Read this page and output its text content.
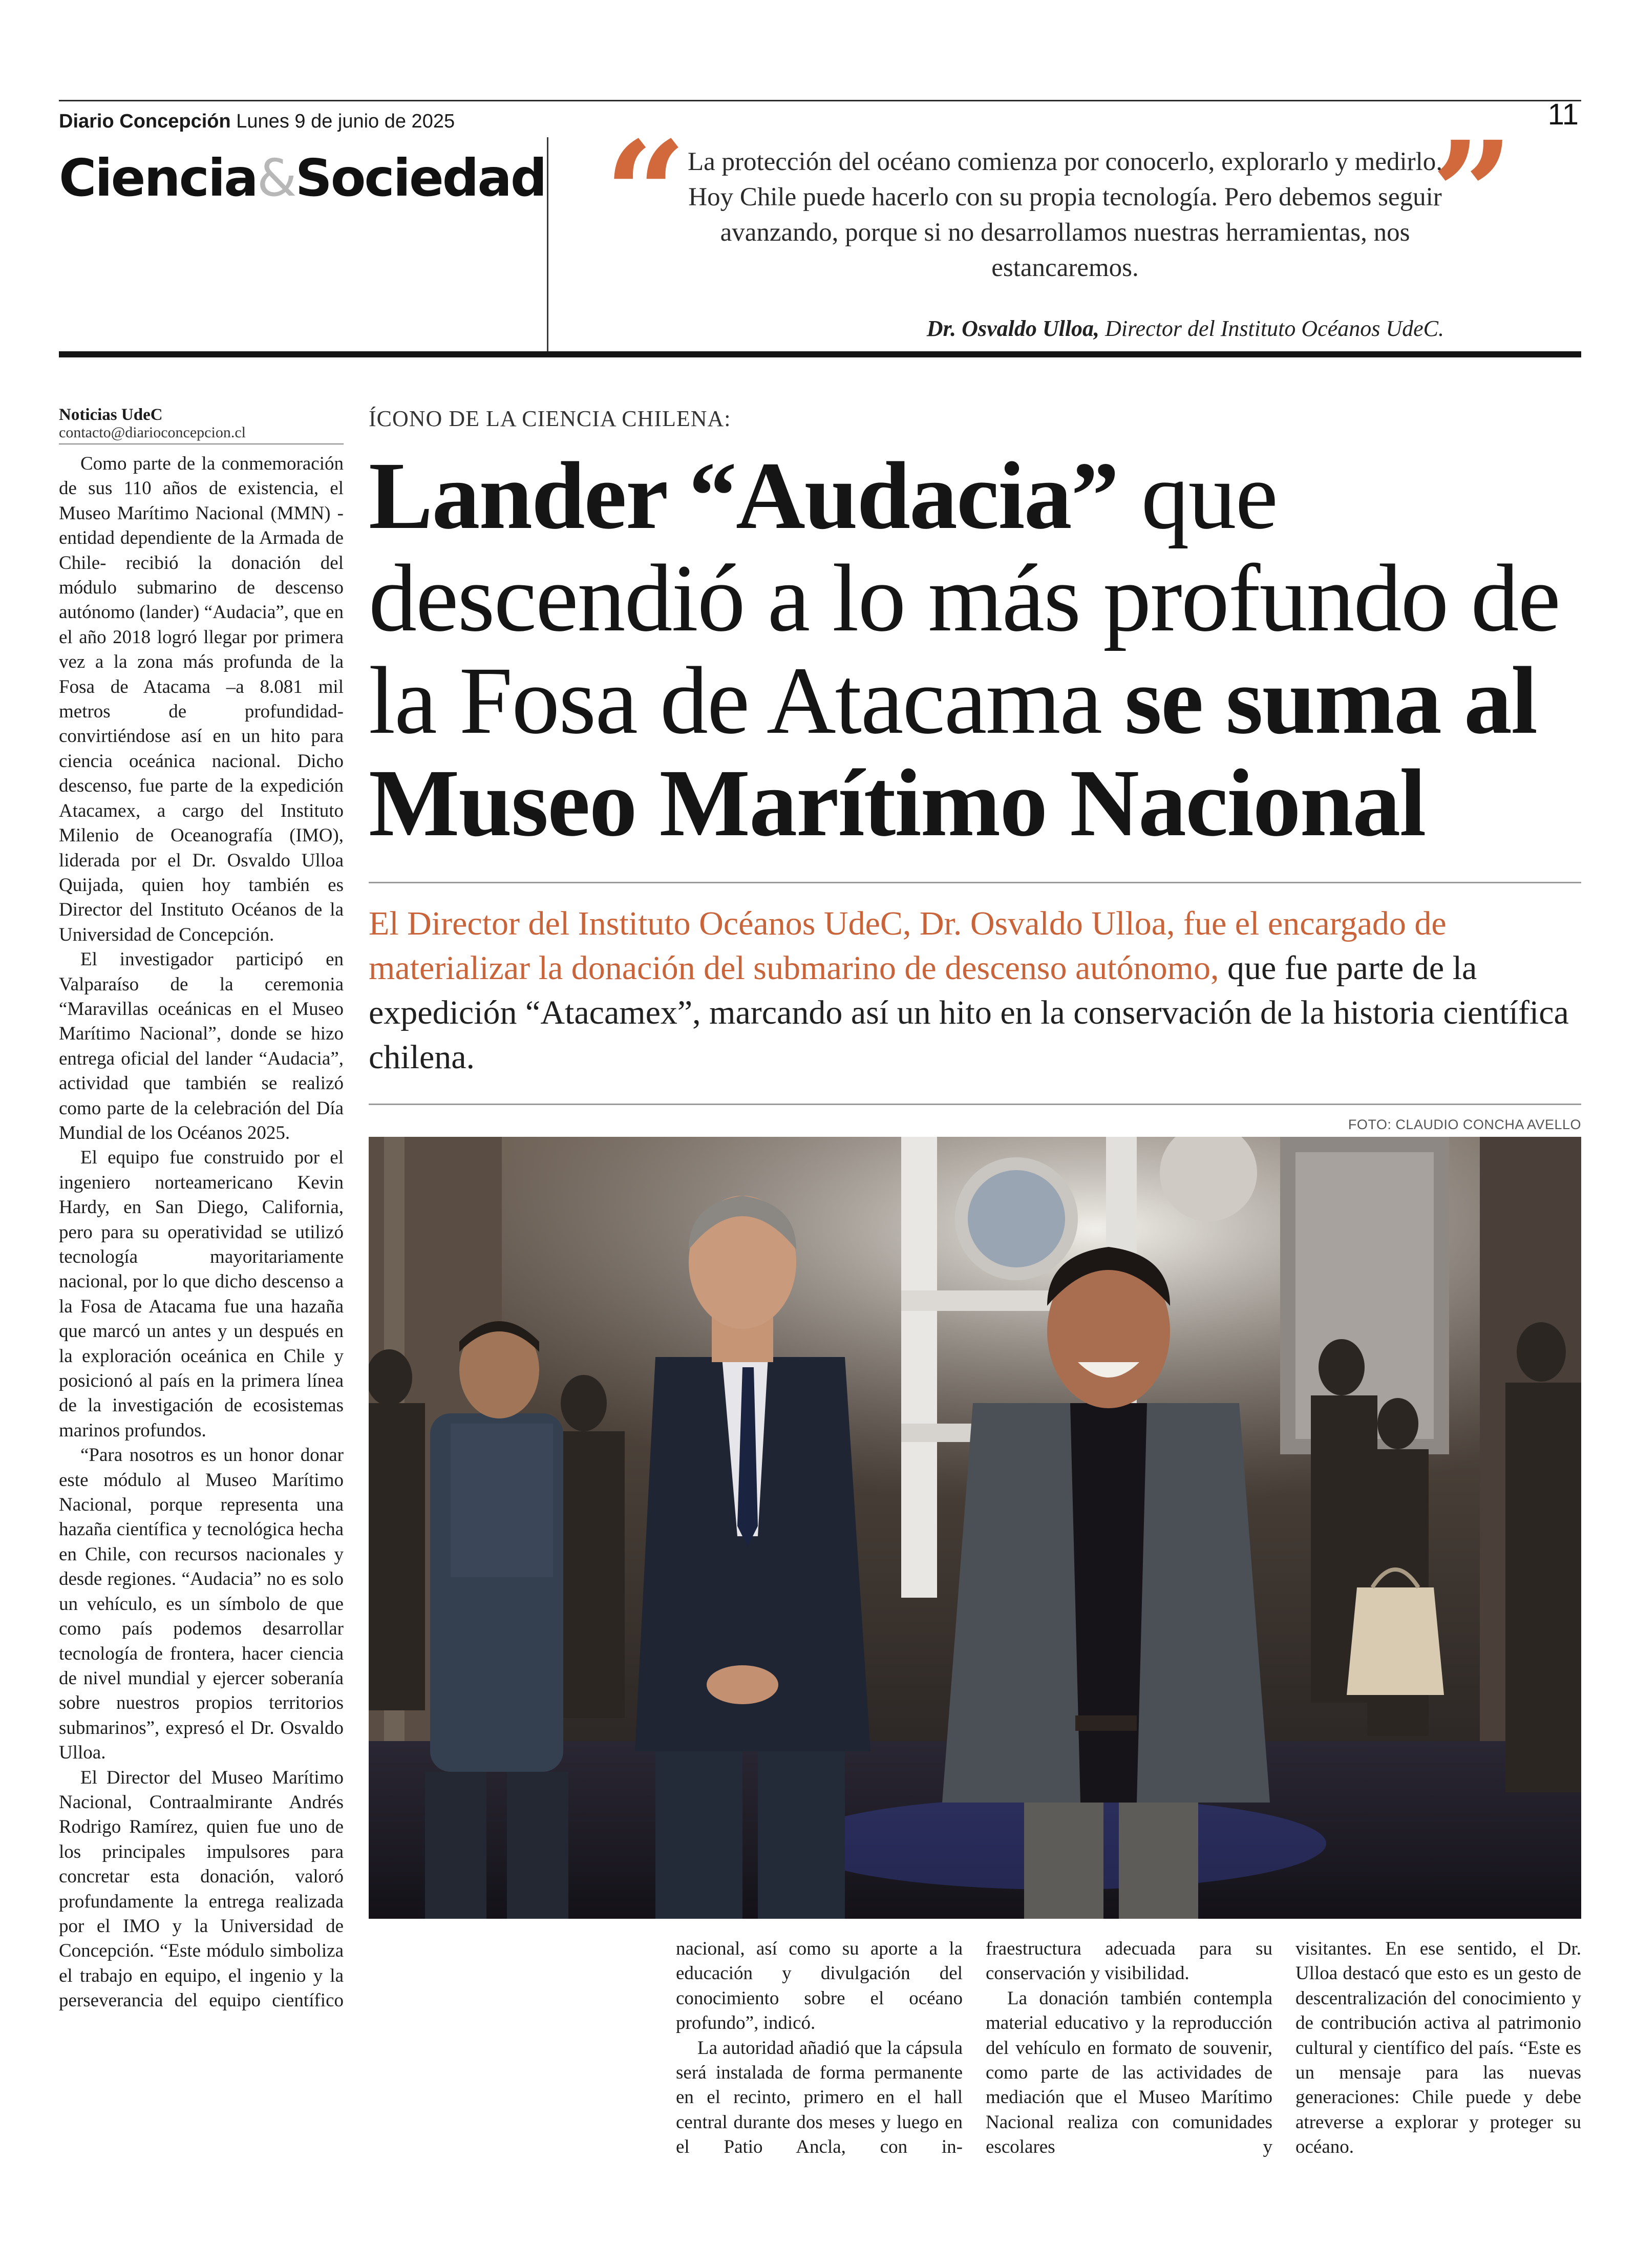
Diario Concepción Lunes 9 de junio de 2025	11
Ciencia&Sociedad “	”
La protección del océano comienza por conocerlo, explorarlo y medirlo. Hoy Chile puede hacerlo con su propia tecnología. Pero debemos seguir avanzando, porque si no desarrollamos nuestras herramientas, nos estancaremos.
Dr. Osvaldo Ulloa, Director del Instituto Océanos UdeC.
Noticias UdeC
contacto@diarioconcepcion.cl

Como parte de la conmemoración de sus 110 años de existencia, el Museo Marítimo Nacional (MMN) -entidad dependiente de la Armada de Chile- recibió la donación del módulo submarino de descenso autónomo (lander) “Audacia”, que en el año 2018 logró llegar por primera vez a la zona más profunda de la Fosa de Atacama –a 8.081 mil metros de profundidad- convirtiéndose así en un hito para ciencia oceánica nacional. Dicho descenso, fue parte de la expedición Atacamex, a cargo del Instituto Milenio de Oceanografía (IMO), liderada por el Dr. Osvaldo Ulloa Quijada, quien hoy también es Director del Instituto Océanos de la Universidad de Concepción.

El investigador participó en Valparaíso de la ceremonia “Maravillas oceánicas en el Museo Marítimo Nacional”, donde se hizo entrega oficial del lander “Audacia”, actividad que también se realizó como parte de la celebración del Día Mundial de los Océanos 2025.

El equipo fue construido por el ingeniero norteamericano Kevin Hardy, en San Diego, California, pero para su operatividad se utilizó tecnología mayoritariamente nacional, por lo que dicho descenso a la Fosa de Atacama fue una hazaña que marcó un antes y un después en la exploración oceánica en Chile y posicionó al país en la primera línea de la investigación de ecosistemas marinos profundos.

“Para nosotros es un honor donar este módulo al Museo Marítimo Nacional, porque representa una hazaña científica y tecnológica hecha en Chile, con recursos nacionales y desde regiones. “Audacia” no es solo un vehículo, es un símbolo de que como país podemos desarrollar tecnología de frontera, hacer ciencia de nivel mundial y ejercer soberanía sobre nuestros propios territorios submarinos”, expresó el Dr. Osvaldo Ulloa.

El Director del Museo Marítimo Nacional, Contraalmirante Andrés Rodrigo Ramírez, quien fue uno de los principales impulsores para concretar esta donación, valoró profundamente la entrega realizada por el IMO y la Universidad de Concepción. “Este módulo simboliza el trabajo en equipo, el ingenio y la perseverancia del equipo científico

ÍCONO DE LA CIENCIA CHILENA:
Lander “Audacia” que descendió a lo más profundo de la Fosa de Atacama se suma al Museo Marítimo Nacional
El Director del Instituto Océanos UdeC, Dr. Osvaldo Ulloa, fue el encargado de materializar la donación del submarino de descenso autónomo, que fue parte de la expedición “Atacamex”, marcando así un hito en la conservación de la historia científica chilena.
FOTO: CLAUDIO CONCHA AVELLO

nacional, así como su aporte a la educación y divulgación del conocimiento sobre el océano profundo”, indicó.

La autoridad añadió que la cápsula será instalada de forma permanente en el recinto, primero en el hall central durante dos meses y luego en el Patio Ancla, con in-

fraestructura adecuada para su conservación y visibilidad.

La donación también contempla material educativo y la reproducción del vehículo en formato de souvenir, como parte de las actividades de mediación que el Museo Marítimo Nacional realiza con comunidades escolares y

visitantes. En ese sentido, el Dr. Ulloa destacó que esto es un gesto de descentralización del conocimiento y de contribución activa al patrimonio cultural y científico del país. “Este es un mensaje para las nuevas generaciones: Chile puede y debe atreverse a explorar y proteger su océano.
